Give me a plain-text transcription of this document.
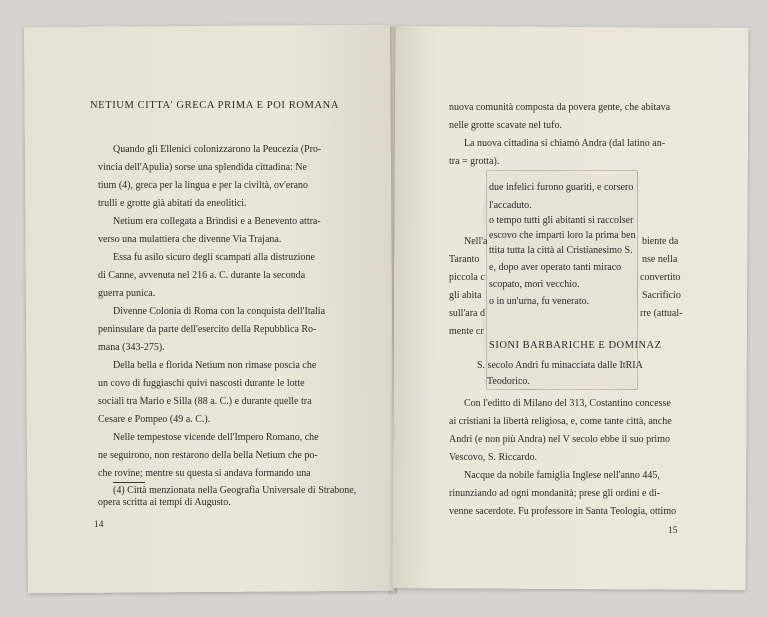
NETIUM CITTA' GRECA PRIMA E POI ROMANA
Quando gli Ellenici colonizzarono la Peucezia (Pro-
vincia dell'Apulia) sorse una splendida cittadina: Ne
tium (4), greca per la lingua e per la civiltà, ov'erano
trulli e grotte già abitati da eneolitici.
Netium era collegata a Brindisi e a Benevento attra-
verso una mulattiera che divenne Via Trajana.
Essa fu asilo sicuro degli scampati alla distruzione
di Canne, avvenuta nel 216 a. C. durante la seconda
guerra punica.
Divenne Colonia di Roma con la conquista dell'Italia
peninsulare da parte dell'esercito della Repubblica Ro-
mana (343-275).
Della bella e florida Netium non rimase poscia che
un covo di fuggiaschi quivi nascosti durante le lotte
sociali tra Mario e Silla (88 a. C.) e durante quelle tra
Cesare e Pompeo (49 a. C.).
Nelle tempestose vicende dell'Impero Romano, che
ne seguirono, non restarono della bella Netium che po-
che rovine; mentre su questa si andava formando una
(4) Città menzionata nella Geografia Universale di Strabone,
opera scritta ai tempi di Augusto.
14
nuova comunità composta da povera gente, che abitava
nelle grotte scavate nel tufo.
La nuova cittadina si chiamò Andra (dal latino an-
tra = grotta).
due infelici furono guariti, e corsero
l'accaduto.
o tempo tutti gli abitanti si raccolser
escovo che impartì loro la prima ben
ttita tutta la città al Cristianesimo S.
e, dopo aver operato tanti miraco
scopato, morì vecchio.
o in un'urna, fu venerato.
Nell'a
Taranto
piccola c
gli abita
sull'ara d
mente cr
biente da
nse nella
convertito
Sacrificio
rre (attual-
SIONI BARBARICHE E DOMINAZ
S. secolo Andri fu minacciata dalle ItRIA
Teodorico.
Con l'editto di Milano del 313, Costantino concesse
ai cristiani la libertà religiosa, e, come tante città, anche
Andri (e non più Andra) nel V secolo ebbe il suo primo
Vescovo, S. Riccardo.
Nacque da nobile famiglia Inglese nell'anno 445,
rinunziando ad ogni mondanità; prese gli ordini e di-
venne sacerdote. Fu professore in Santa Teologia, ottimo
15
